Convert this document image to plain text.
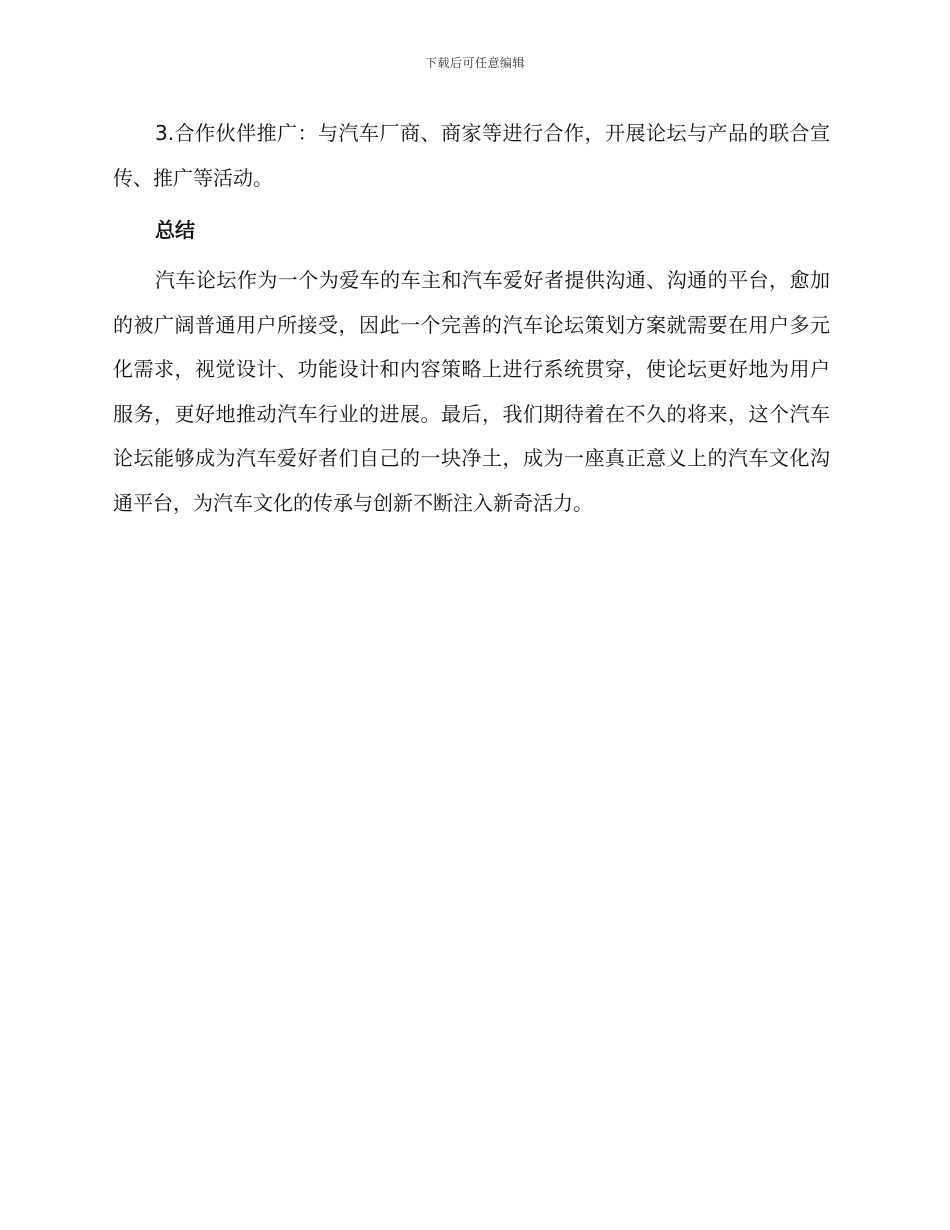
下载后可任意编辑

3.合作伙伴推广：与汽车厂商、商家等进行合作，开展论坛与产品的联合宣传、推广等活动。

总结

汽车论坛作为一个为爱车的车主和汽车爱好者提供沟通、沟通的平台，愈加的被广阔普通用户所接受，因此一个完善的汽车论坛策划方案就需要在用户多元化需求，视觉设计、功能设计和内容策略上进行系统贯穿，使论坛更好地为用户服务，更好地推动汽车行业的进展。最后，我们期待着在不久的将来，这个汽车论坛能够成为汽车爱好者们自己的一块净土，成为一座真正意义上的汽车文化沟通平台，为汽车文化的传承与创新不断注入新奇活力。
